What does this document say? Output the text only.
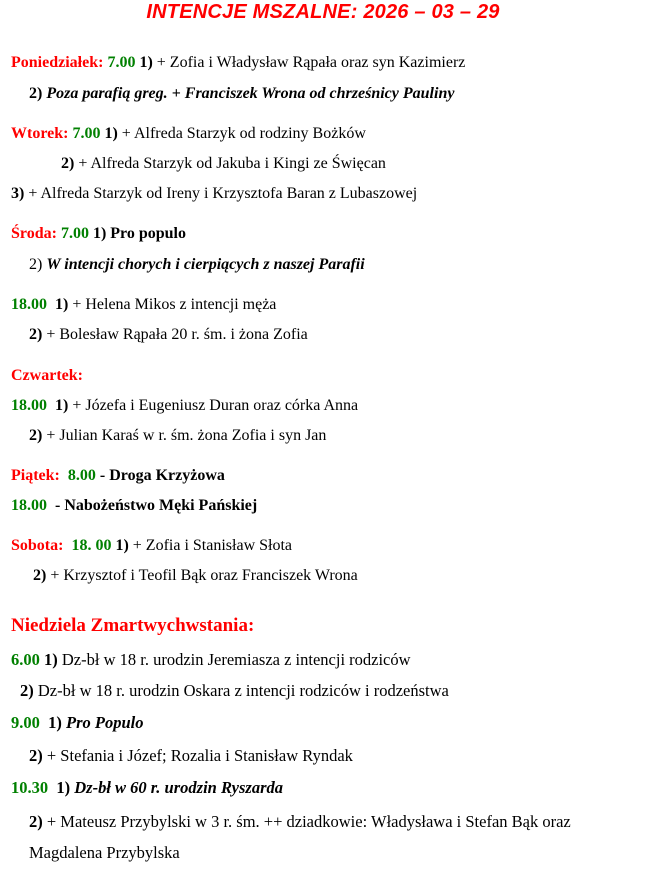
INTENCJE MSZALNE: 2026 – 03 – 29
Poniedziałek: 7.00 1) + Zofia i Władysław Rąpała oraz syn Kazimierz
2) Poza parafią greg. + Franciszek Wrona od chrześnicy Pauliny
Wtorek: 7.00 1) + Alfreda Starzyk od rodziny Bożków
2) + Alfreda Starzyk od Jakuba i Kingi ze Święcan
3) + Alfreda Starzyk od Ireny i Krzysztofa Baran z Lubaszowej
Środa: 7.00 1) Pro populo
2) W intencji chorych i cierpiących z naszej Parafii
18.00 1) + Helena Mikos z intencji męża
2) + Bolesław Rąpała 20 r. śm. i żona Zofia
Czwartek:
18.00 1) + Józefa i Eugeniusz Duran oraz córka Anna
2) + Julian Karaś w r. śm. żona Zofia i syn Jan
Piątek: 8.00 - Droga Krzyżowa
18.00 - Nabożeństwo Męki Pańskiej
Sobota: 18. 00 1) + Zofia i Stanisław Słota
2) + Krzysztof i Teofil Bąk oraz Franciszek Wrona
Niedziela Zmartwychwstania:
6.00 1) Dz-bł w 18 r. urodzin Jeremiasza z intencji rodziców
2) Dz-bł w 18 r. urodzin Oskara z intencji rodziców i rodzeństwa
9.00 1) Pro Populo
2) + Stefania i Józef; Rozalia i Stanisław Ryndak
10.30 1) Dz-bł w 60 r. urodzin Ryszarda
2) + Mateusz Przybylski w 3 r. śm. ++ dziadkowie: Władysława i Stefan Bąk oraz
Magdalena Przybylska
